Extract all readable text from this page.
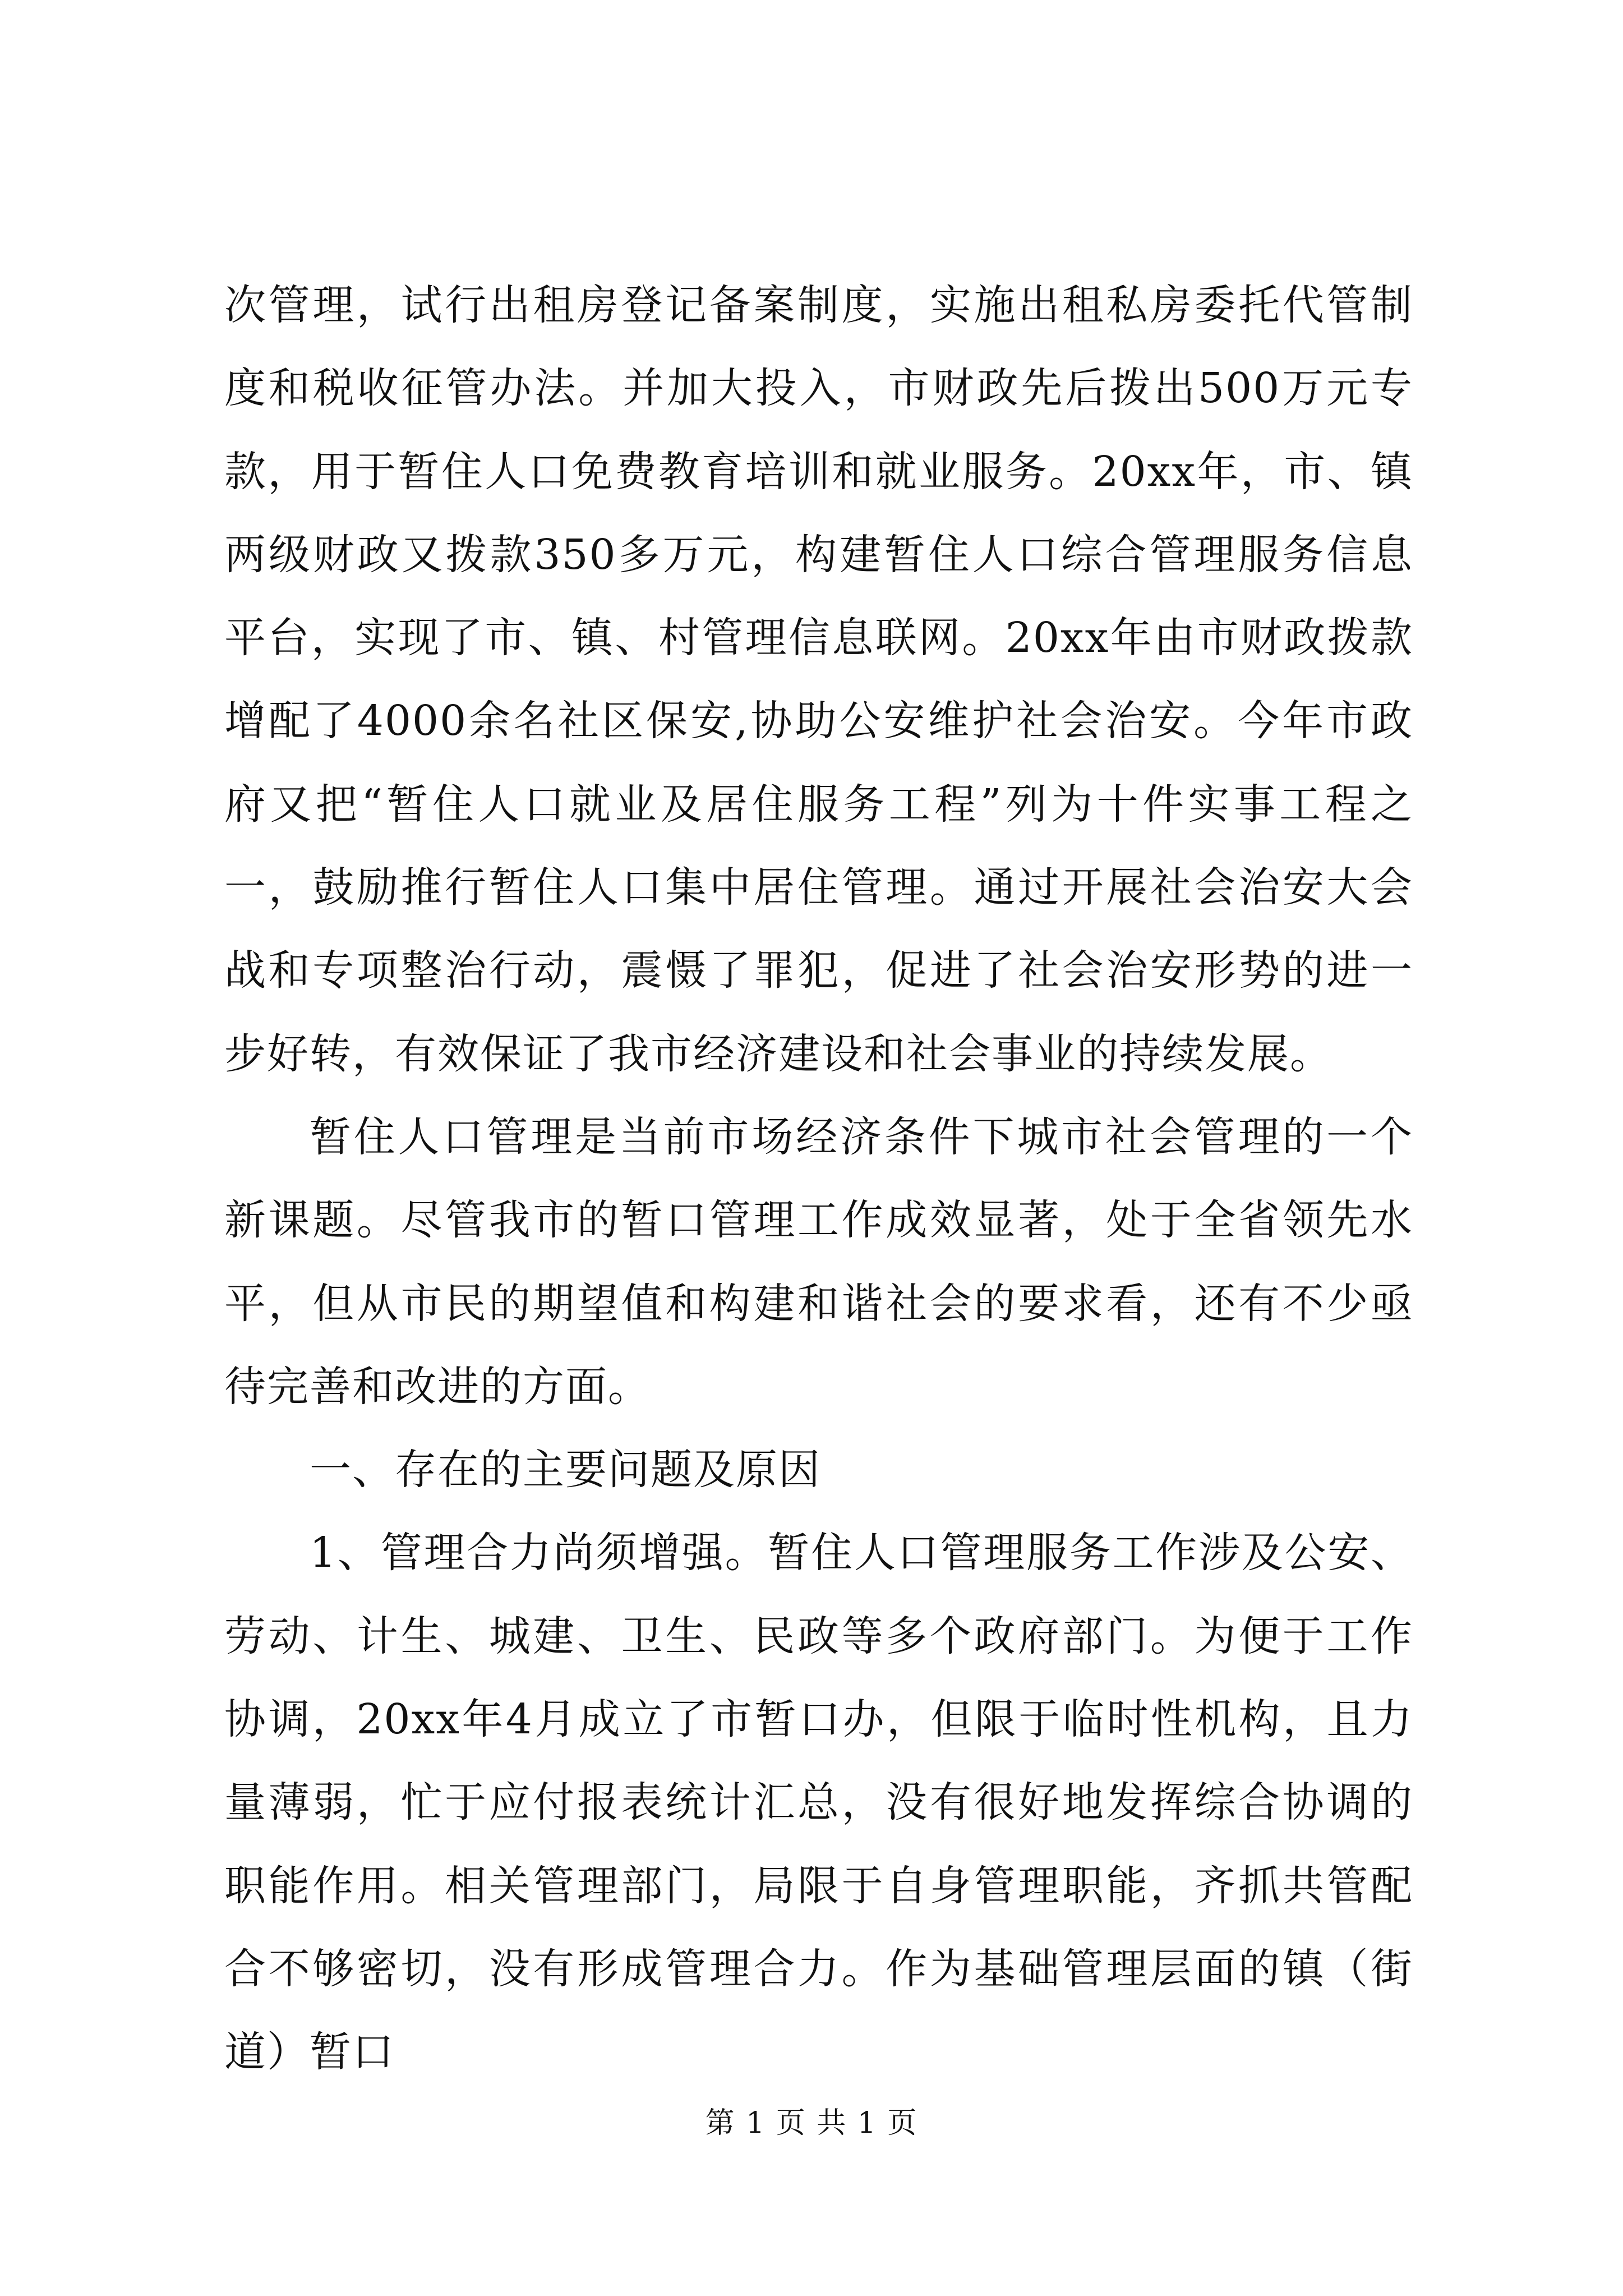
次管理，试行出租房登记备案制度，实施出租私房委托代管制度和税收征管办法。并加大投入，市财政先后拨出500万元专款，用于暂住人口免费教育培训和就业服务。20xx年，市、镇两级财政又拨款350多万元，构建暂住人口综合管理服务信息平台，实现了市、镇、村管理信息联网。20xx年由市财政拨款增配了4000余名社区保安,协助公安维护社会治安。今年市政府又把“暂住人口就业及居住服务工程”列为十件实事工程之一，鼓励推行暂住人口集中居住管理。通过开展社会治安大会战和专项整治行动，震慑了罪犯，促进了社会治安形势的进一步好转，有效保证了我市经济建设和社会事业的持续发展。

暂住人口管理是当前市场经济条件下城市社会管理的一个新课题。尽管我市的暂口管理工作成效显著，处于全省领先水平，但从市民的期望值和构建和谐社会的要求看，还有不少亟待完善和改进的方面。

一、存在的主要问题及原因

1、管理合力尚须增强。暂住人口管理服务工作涉及公安、劳动、计生、城建、卫生、民政等多个政府部门。为便于工作协调，20xx年4月成立了市暂口办，但限于临时性机构，且力量薄弱，忙于应付报表统计汇总，没有很好地发挥综合协调的职能作用。相关管理部门，局限于自身管理职能，齐抓共管配合不够密切，没有形成管理合力。作为基础管理层面的镇（街道）暂口

第 1 页 共 1 页
